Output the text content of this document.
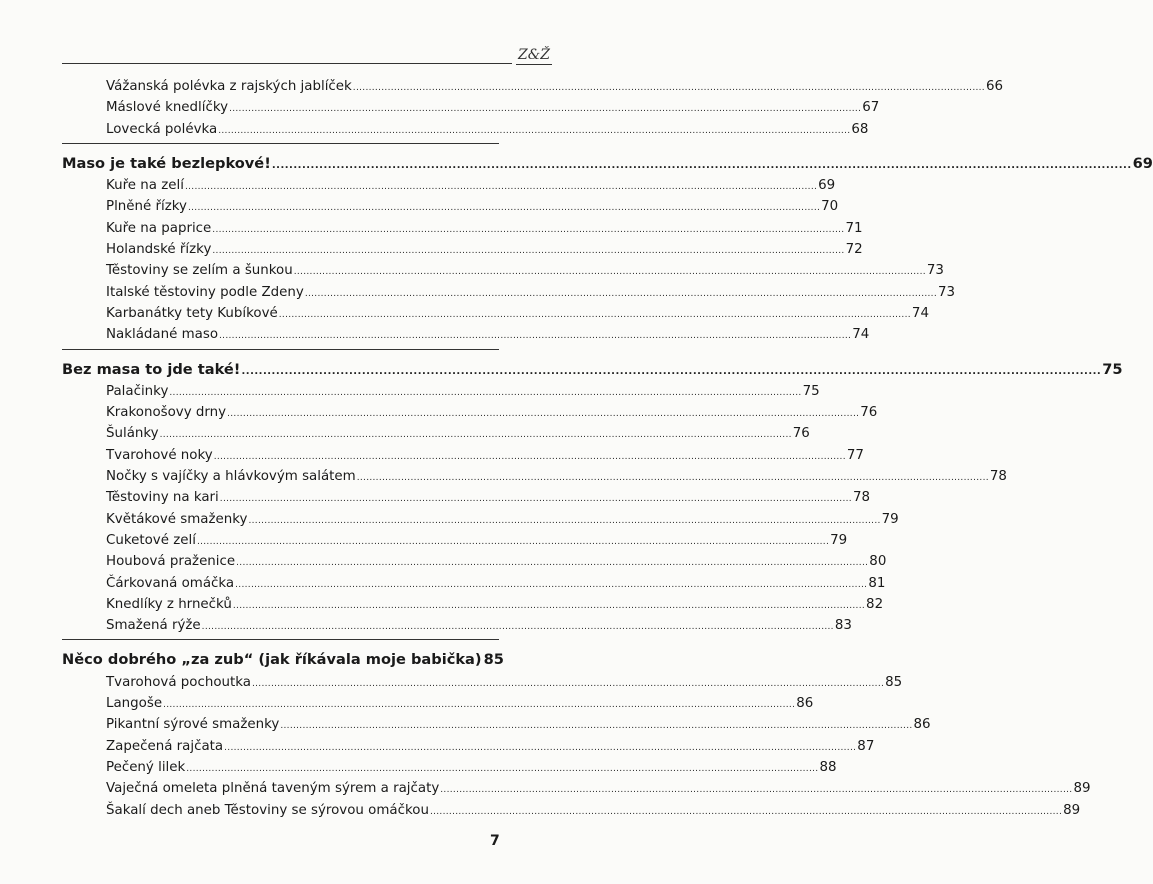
Z&Ž
Vážanská polévka z rajských jablíček ........................................................................................................................................................................................................ 66
Máslové knedlíčky ........................................................................................................................................................................................................ 67
Lovecká polévka ........................................................................................................................................................................................................ 68
Maso je také bezlepkové! ........................................................................................................................................................................................................ 69
Kuře na zelí ........................................................................................................................................................................................................ 69
Plněné řízky ........................................................................................................................................................................................................ 70
Kuře na paprice ........................................................................................................................................................................................................ 71
Holandské řízky ........................................................................................................................................................................................................ 72
Těstoviny se zelím a šunkou ........................................................................................................................................................................................................ 73
Italské těstoviny podle Zdeny ........................................................................................................................................................................................................ 73
Karbanátky tety Kubíkové ........................................................................................................................................................................................................ 74
Nakládané maso ........................................................................................................................................................................................................ 74
Bez masa to jde také! ........................................................................................................................................................................................................ 75
Palačinky ........................................................................................................................................................................................................ 75
Krakonošovy drny ........................................................................................................................................................................................................ 76
Šulánky ........................................................................................................................................................................................................ 76
Tvarohové noky ........................................................................................................................................................................................................ 77
Nočky s vajíčky a hlávkovým salátem ........................................................................................................................................................................................................ 78
Těstoviny na kari ........................................................................................................................................................................................................ 78
Květákové smaženky ........................................................................................................................................................................................................ 79
Cuketové zelí ........................................................................................................................................................................................................ 79
Houbová praženice ........................................................................................................................................................................................................ 80
Čárkovaná omáčka ........................................................................................................................................................................................................ 81
Knedlíky z hrnečků ........................................................................................................................................................................................................ 82
Smažená rýže ........................................................................................................................................................................................................ 83
Něco dobrého „za zub“ (jak říkávala moje babička) 85
Tvarohová pochoutka ........................................................................................................................................................................................................ 85
Langoše ........................................................................................................................................................................................................ 86
Pikantní sýrové smaženky ........................................................................................................................................................................................................ 86
Zapečená rajčata ........................................................................................................................................................................................................ 87
Pečený lilek ........................................................................................................................................................................................................ 88
Vaječná omeleta plněná taveným sýrem a rajčaty ........................................................................................................................................................................................................ 89
Šakalí dech aneb Těstoviny se sýrovou omáčkou ........................................................................................................................................................................................................ 89
7
